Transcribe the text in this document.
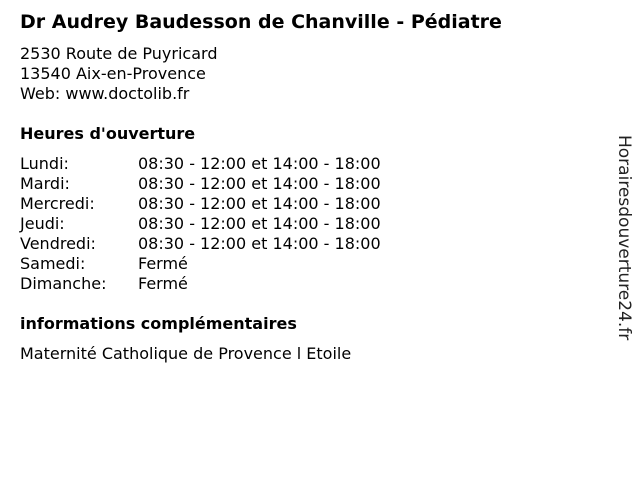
Dr Audrey Baudesson de Chanville - Pédiatre
2530 Route de Puyricard
13540 Aix-en-Provence
Web: www.doctolib.fr
Heures d'ouverture
Lundi:	08:30 - 12:00 et 14:00 - 18:00
Mardi:	08:30 - 12:00 et 14:00 - 18:00
Mercredi:	08:30 - 12:00 et 14:00 - 18:00
Jeudi:	08:30 - 12:00 et 14:00 - 18:00
Vendredi:	08:30 - 12:00 et 14:00 - 18:00
Samedi:	Fermé
Dimanche: Fermé
informations complémentaires
Maternité Catholique de Provence l Etoile
Horairesdouverture24.fr
